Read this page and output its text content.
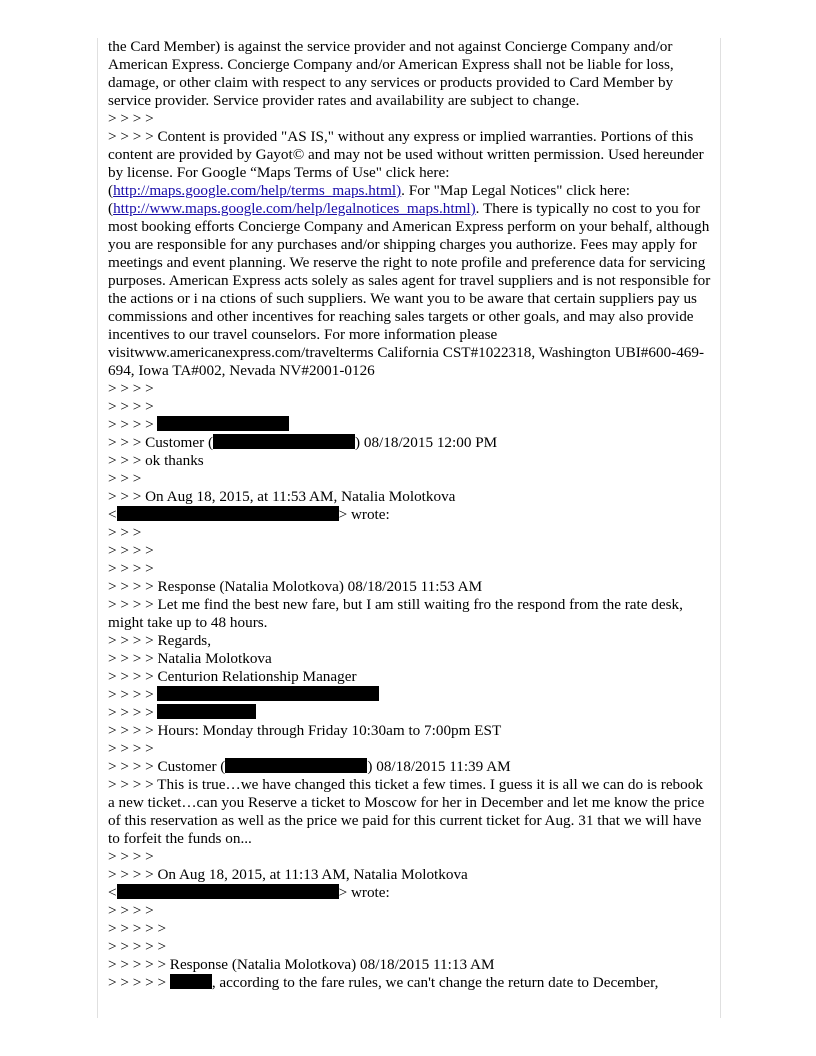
the Card Member) is against the service provider and not against Concierge Company and/or American Express. Concierge Company and/or American Express shall not be liable for loss, damage, or other claim with respect to any services or products provided to Card Member by service provider. Service provider rates and availability are subject to change.
> > > >
> > > > Content is provided "AS IS," without any express or implied warranties. Portions of this content are provided by Gayot© and may not be used without written permission. Used hereunder by license. For Google “Maps Terms of Use" click here: (http://maps.google.com/help/terms_maps.html). For "Map Legal Notices" click here: (http://www.maps.google.com/help/legalnotices_maps.html). There is typically no cost to you for most booking efforts Concierge Company and American Express perform on your behalf, although you are responsible for any purchases and/or shipping charges you authorize. Fees may apply for meetings and event planning. We reserve the right to note profile and preference data for servicing purposes. American Express acts solely as sales agent for travel suppliers and is not responsible for the actions or i na ctions of such suppliers. We want you to be aware that certain suppliers pay us commissions and other incentives for reaching sales targets or other goals, and may also provide incentives to our travel counselors. For more information please visitwww.americanexpress.com/travelterms California CST#1022318, Washington UBI#600-469-694, Iowa TA#002, Nevada NV#2001-0126
> > > >
> > > >
> > > >
> > > Customer (	) 08/18/2015 12:00 PM
> > > ok thanks
> > >
> > > On Aug 18, 2015, at 11:53 AM, Natalia Molotkova
<	> wrote:
> > >
> > > >
> > > >
> > > > Response (Natalia Molotkova) 08/18/2015 11:53 AM
> > > > Let me find the best new fare, but I am still waiting fro the respond from the rate desk, might take up to 48 hours.
> > > > Regards,
> > > > Natalia Molotkova
> > > > Centurion Relationship Manager
> > > >
> > > >
> > > > Hours: Monday through Friday 10:30am to 7:00pm EST
> > > >
> > > > Customer (	) 08/18/2015 11:39 AM
> > > > This is true…we have changed this ticket a few times. I guess it is all we can do is rebook a new ticket…can you Reserve a ticket to Moscow for her in December and let me know the price of this reservation as well as the price we paid for this current ticket for Aug. 31 that we will have to forfeit the funds on...
> > > >
> > > > On Aug 18, 2015, at 11:13 AM, Natalia Molotkova
<	> wrote:
> > > >
> > > > >
> > > > >
> > > > > Response (Natalia Molotkova) 08/18/2015 11:13 AM
> > > > >	, according to the fare rules, we can't change the return date to December,
